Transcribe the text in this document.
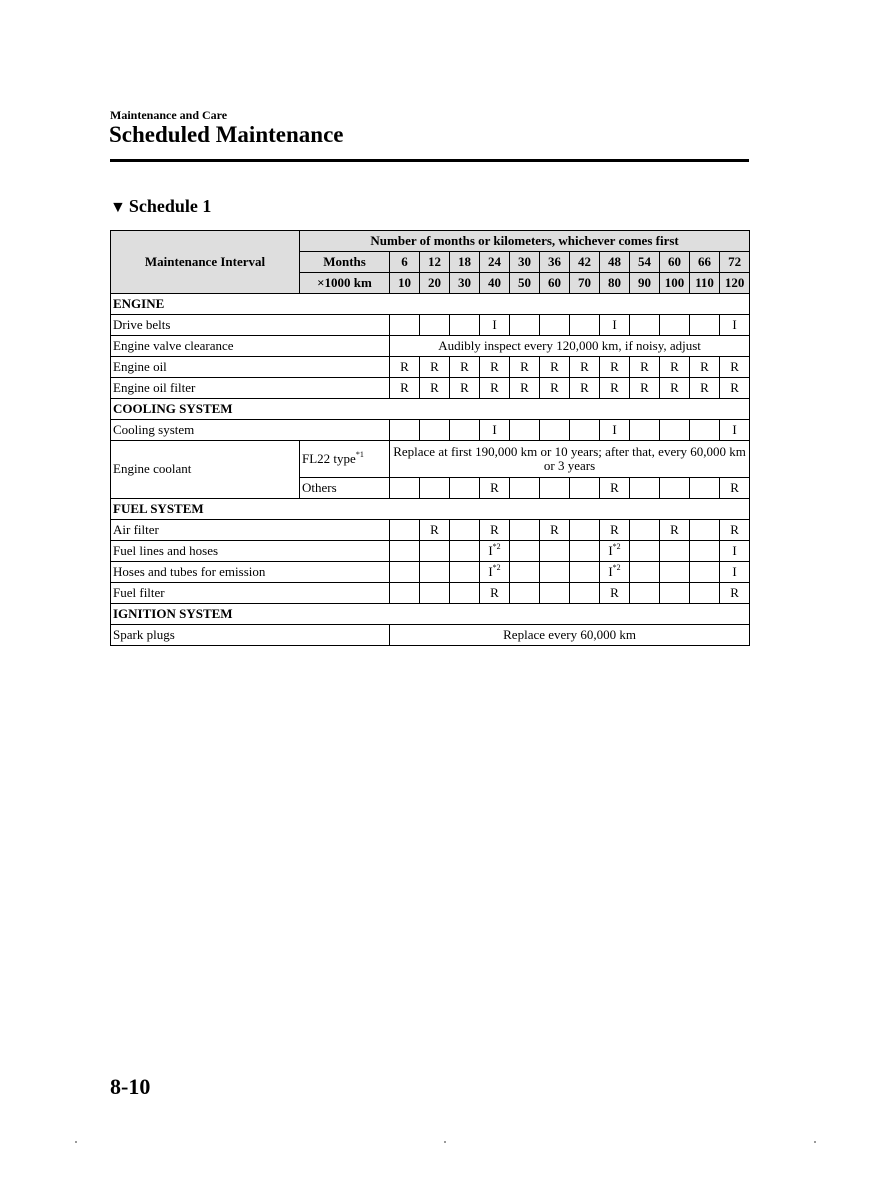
Maintenance and Care
Scheduled Maintenance
▼ Schedule 1
Maintenance Interval	Number of months or kilometers, whichever comes first												
	Months	6	12	18	24	30	36	42	48	54	60	66	72
	×1000 km	10	20	30	40	50	60	70	80	90	100	110	120
ENGINE													
Drive belts					I				I				I
Engine valve clearance		Audibly inspect every 120,000 km, if noisy, adjust											
Engine oil		R	R	R	R	R	R	R	R	R	R	R	R
Engine oil filter		R	R	R	R	R	R	R	R	R	R	R	R
COOLING SYSTEM													
Cooling system					I				I				I
Engine coolant	FL22 type$^{*1}$	Replace at first 190,000 km or 10 years; after that, every 60,000 km or 3 years											
	Others				R				R				R
FUEL SYSTEM													
Air filter			R		R		R		R		R		R
Fuel lines and hoses					$I^{*2}$				$I^{*2}$				I
Hoses and tubes for emission					$I^{*2}$				$I^{*2}$				I
Fuel filter					R				R				R
IGNITION SYSTEM													
Spark plugs		Replace every 60,000 km											
8-10
